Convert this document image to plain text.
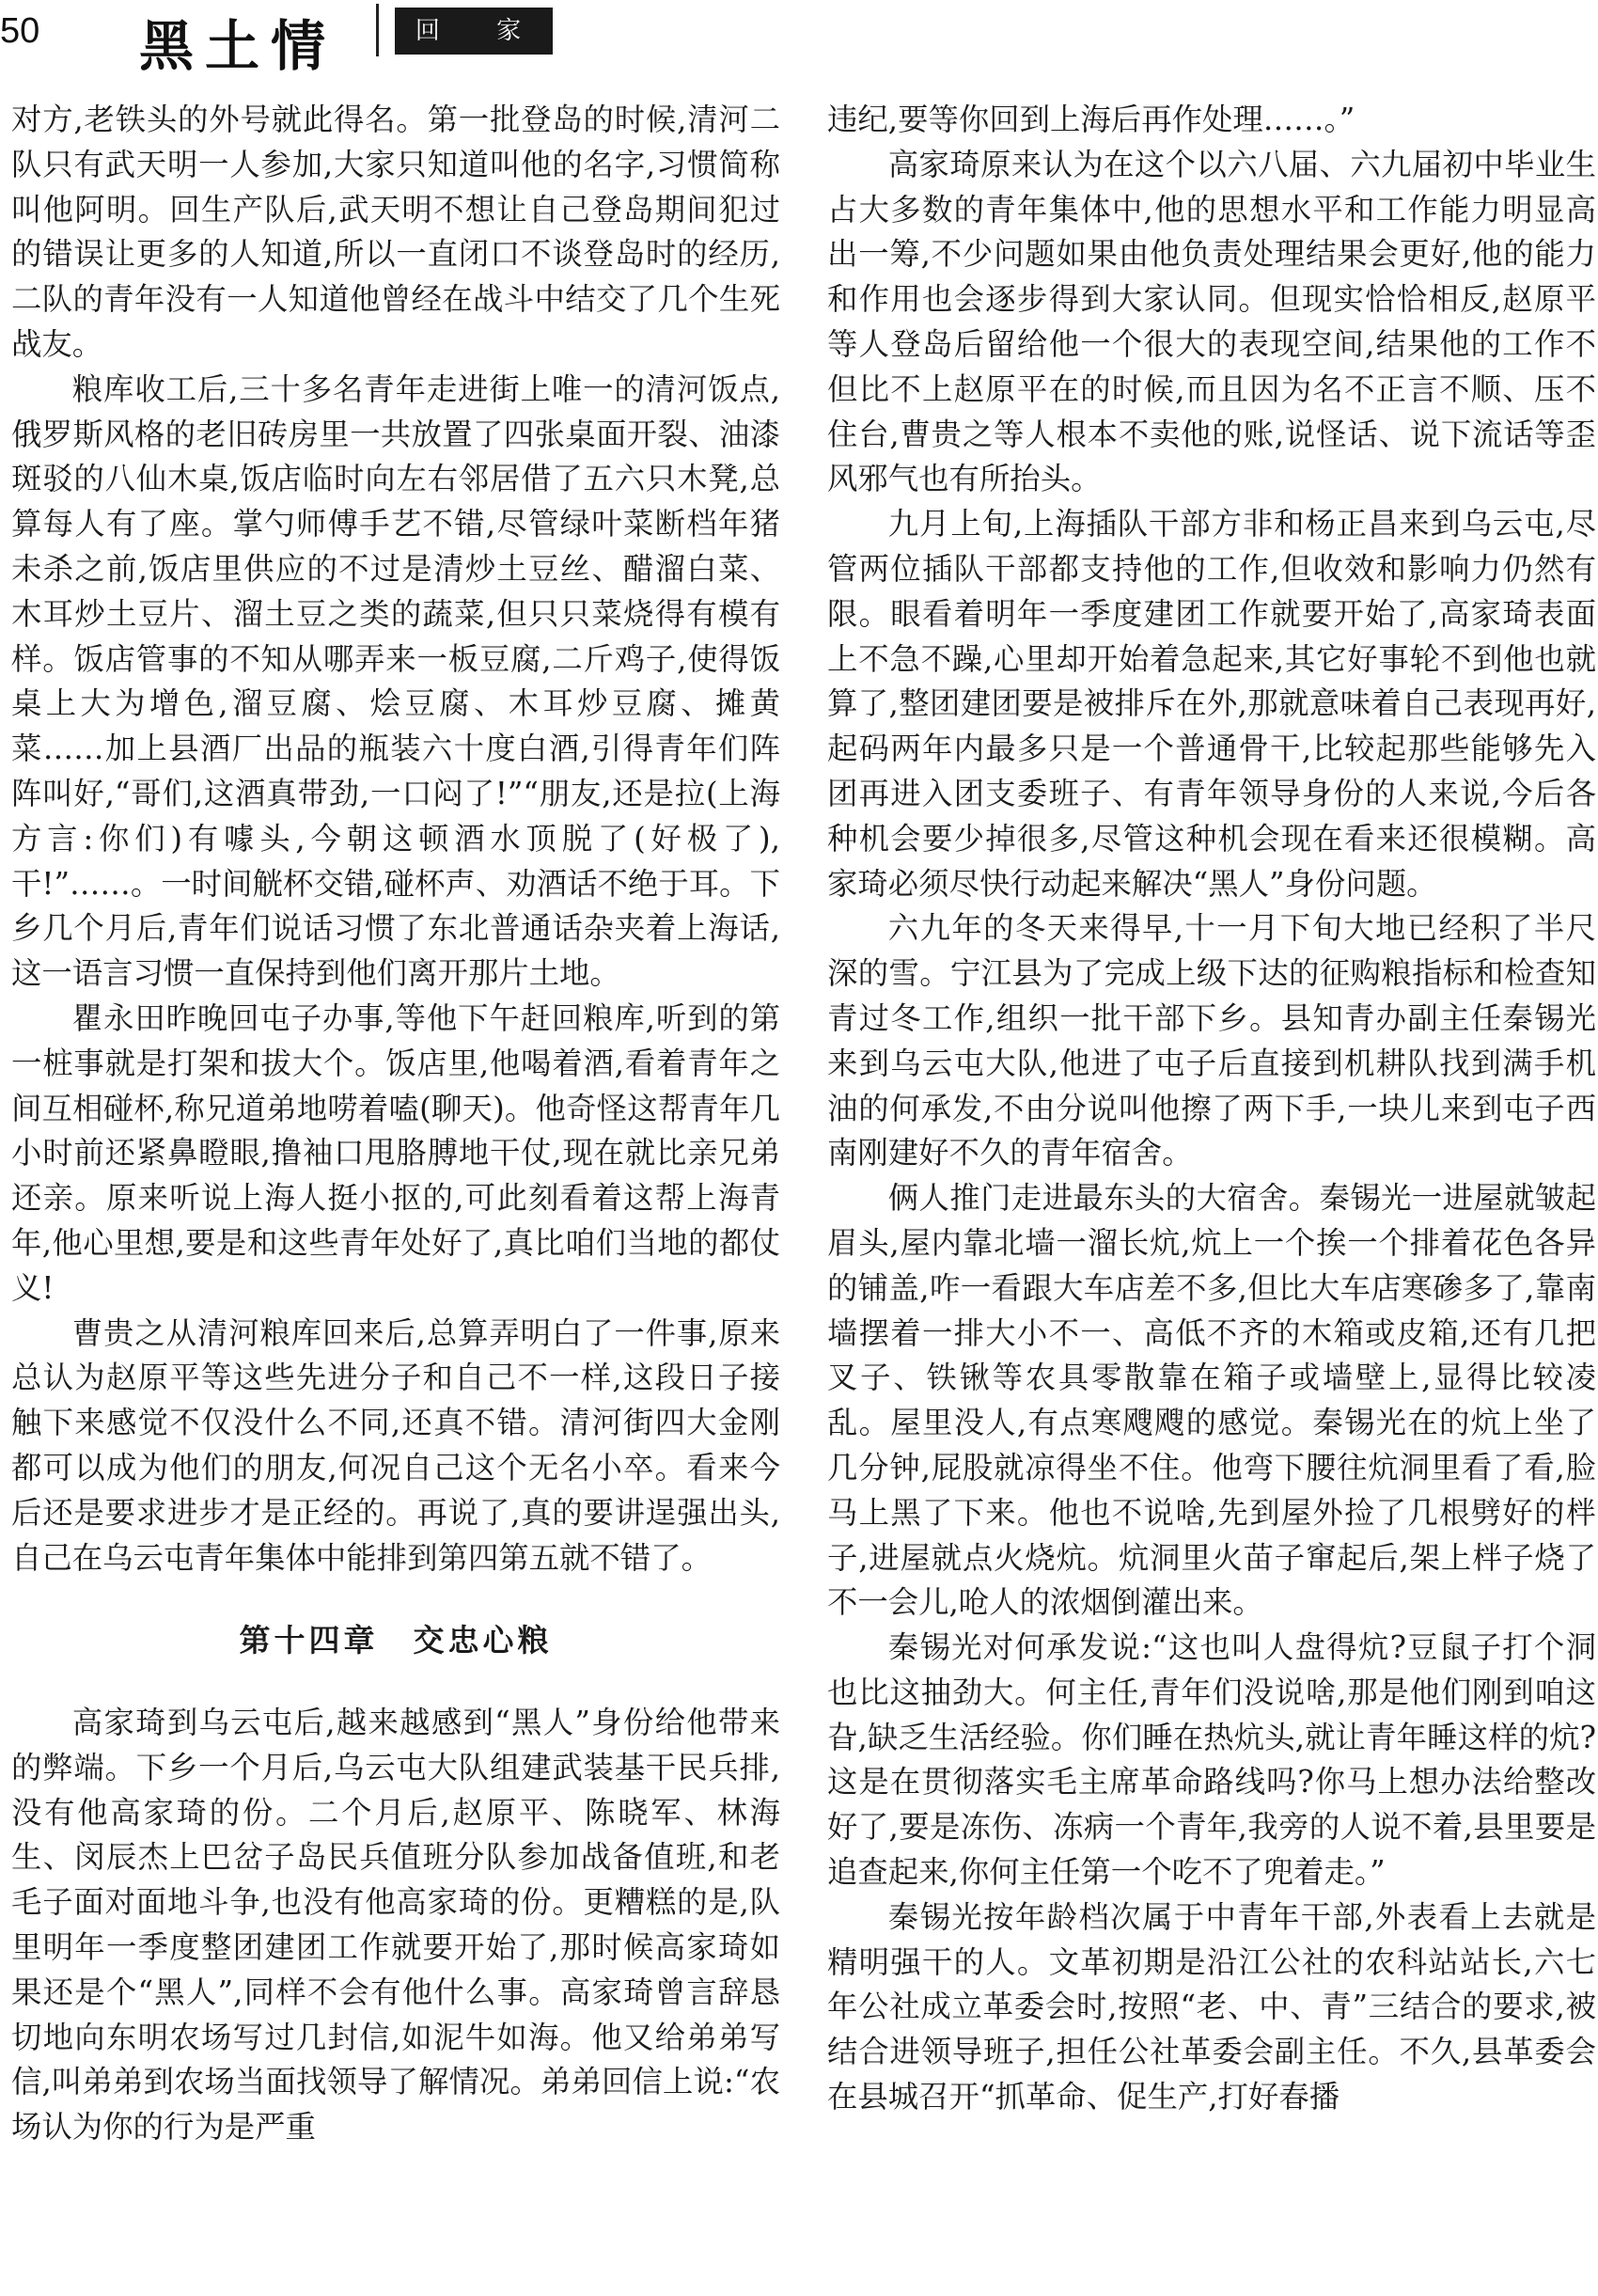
50 黑土情	回 家

对方,老铁头的外号就此得名。第一批登岛的时候,清河二队只有武天明一人参加,大家只知道叫他的名字,习惯简称叫他阿明。回生产队后,武天明不想让自己登岛期间犯过的错误让更多的人知道,所以一直闭口不谈登岛时的经历,二队的青年没有一人知道他曾经在战斗中结交了几个生死战友。

粮库收工后,三十多名青年走进街上唯一的清河饭点,俄罗斯风格的老旧砖房里一共放置了四张桌面开裂、油漆斑驳的八仙木桌,饭店临时向左右邻居借了五六只木凳,总算每人有了座。掌勺师傅手艺不错,尽管绿叶菜断档年猪未杀之前,饭店里供应的不过是清炒土豆丝、醋溜白菜、木耳炒土豆片、溜土豆之类的蔬菜,但只只菜烧得有模有样。饭店管事的不知从哪弄来一板豆腐,二斤鸡子,使得饭桌上大为增色,溜豆腐、烩豆腐、木耳炒豆腐、摊黄菜……加上县酒厂出品的瓶装六十度白酒,引得青年们阵阵叫好,“哥们,这酒真带劲,一口闷了!”“朋友,还是拉(上海方言:你们)有噱头,今朝这顿酒水顶脱了(好极了),干!”……。一时间觥杯交错,碰杯声、劝酒话不绝于耳。下乡几个月后,青年们说话习惯了东北普通话杂夹着上海话,这一语言习惯一直保持到他们离开那片土地。

瞿永田昨晚回屯子办事,等他下午赶回粮库,听到的第一桩事就是打架和拔大个。饭店里,他喝着酒,看着青年之间互相碰杯,称兄道弟地唠着嗑(聊天)。他奇怪这帮青年几小时前还紧鼻瞪眼,撸袖口甩胳膊地干仗,现在就比亲兄弟还亲。原来听说上海人挺小抠的,可此刻看着这帮上海青年,他心里想,要是和这些青年处好了,真比咱们当地的都仗义!

曹贵之从清河粮库回来后,总算弄明白了一件事,原来总认为赵原平等这些先进分子和自己不一样,这段日子接触下来感觉不仅没什么不同,还真不错。清河街四大金刚都可以成为他们的朋友,何况自己这个无名小卒。看来今后还是要求进步才是正经的。再说了,真的要讲逞强出头,自己在乌云屯青年集体中能排到第四第五就不错了。

第十四章　交忠心粮

高家琦到乌云屯后,越来越感到“黑人”身份给他带来的弊端。下乡一个月后,乌云屯大队组建武装基干民兵排,没有他高家琦的份。二个月后,赵原平、陈晓军、林海生、闵辰杰上巴岔子岛民兵值班分队参加战备值班,和老毛子面对面地斗争,也没有他高家琦的份。更糟糕的是,队里明年一季度整团建团工作就要开始了,那时候高家琦如果还是个“黑人”,同样不会有他什么事。高家琦曾言辞恳切地向东明农场写过几封信,如泥牛如海。他又给弟弟写信,叫弟弟到农场当面找领导了解情况。弟弟回信上说:“农场认为你的行为是严重

违纪,要等你回到上海后再作处理……。”

高家琦原来认为在这个以六八届、六九届初中毕业生占大多数的青年集体中,他的思想水平和工作能力明显高出一筹,不少问题如果由他负责处理结果会更好,他的能力和作用也会逐步得到大家认同。但现实恰恰相反,赵原平等人登岛后留给他一个很大的表现空间,结果他的工作不但比不上赵原平在的时候,而且因为名不正言不顺、压不住台,曹贵之等人根本不卖他的账,说怪话、说下流话等歪风邪气也有所抬头。

九月上旬,上海插队干部方非和杨正昌来到乌云屯,尽管两位插队干部都支持他的工作,但收效和影响力仍然有限。眼看着明年一季度建团工作就要开始了,高家琦表面上不急不躁,心里却开始着急起来,其它好事轮不到他也就算了,整团建团要是被排斥在外,那就意味着自己表现再好,起码两年内最多只是一个普通骨干,比较起那些能够先入团再进入团支委班子、有青年领导身份的人来说,今后各种机会要少掉很多,尽管这种机会现在看来还很模糊。高家琦必须尽快行动起来解决“黑人”身份问题。

六九年的冬天来得早,十一月下旬大地已经积了半尺深的雪。宁江县为了完成上级下达的征购粮指标和检查知青过冬工作,组织一批干部下乡。县知青办副主任秦锡光来到乌云屯大队,他进了屯子后直接到机耕队找到满手机油的何承发,不由分说叫他擦了两下手,一块儿来到屯子西南刚建好不久的青年宿舍。

俩人推门走进最东头的大宿舍。秦锡光一进屋就皱起眉头,屋内靠北墙一溜长炕,炕上一个挨一个排着花色各异的铺盖,咋一看跟大车店差不多,但比大车店寒碜多了,靠南墙摆着一排大小不一、高低不齐的木箱或皮箱,还有几把叉子、铁锹等农具零散靠在箱子或墙壁上,显得比较凌乱。屋里没人,有点寒飕飕的感觉。秦锡光在的炕上坐了几分钟,屁股就凉得坐不住。他弯下腰往炕洞里看了看,脸马上黑了下来。他也不说啥,先到屋外捡了几根劈好的柈子,进屋就点火烧炕。炕洞里火苗子窜起后,架上柈子烧了不一会儿,呛人的浓烟倒灌出来。

秦锡光对何承发说:“这也叫人盘得炕?豆鼠子打个洞也比这抽劲大。何主任,青年们没说啥,那是他们刚到咱这旮,缺乏生活经验。你们睡在热炕头,就让青年睡这样的炕?这是在贯彻落实毛主席革命路线吗?你马上想办法给整改好了,要是冻伤、冻病一个青年,我旁的人说不着,县里要是追查起来,你何主任第一个吃不了兜着走。”

秦锡光按年龄档次属于中青年干部,外表看上去就是精明强干的人。文革初期是沿江公社的农科站站长,六七年公社成立革委会时,按照“老、中、青”三结合的要求,被结合进领导班子,担任公社革委会副主任。不久,县革委会在县城召开“抓革命、促生产,打好春播
